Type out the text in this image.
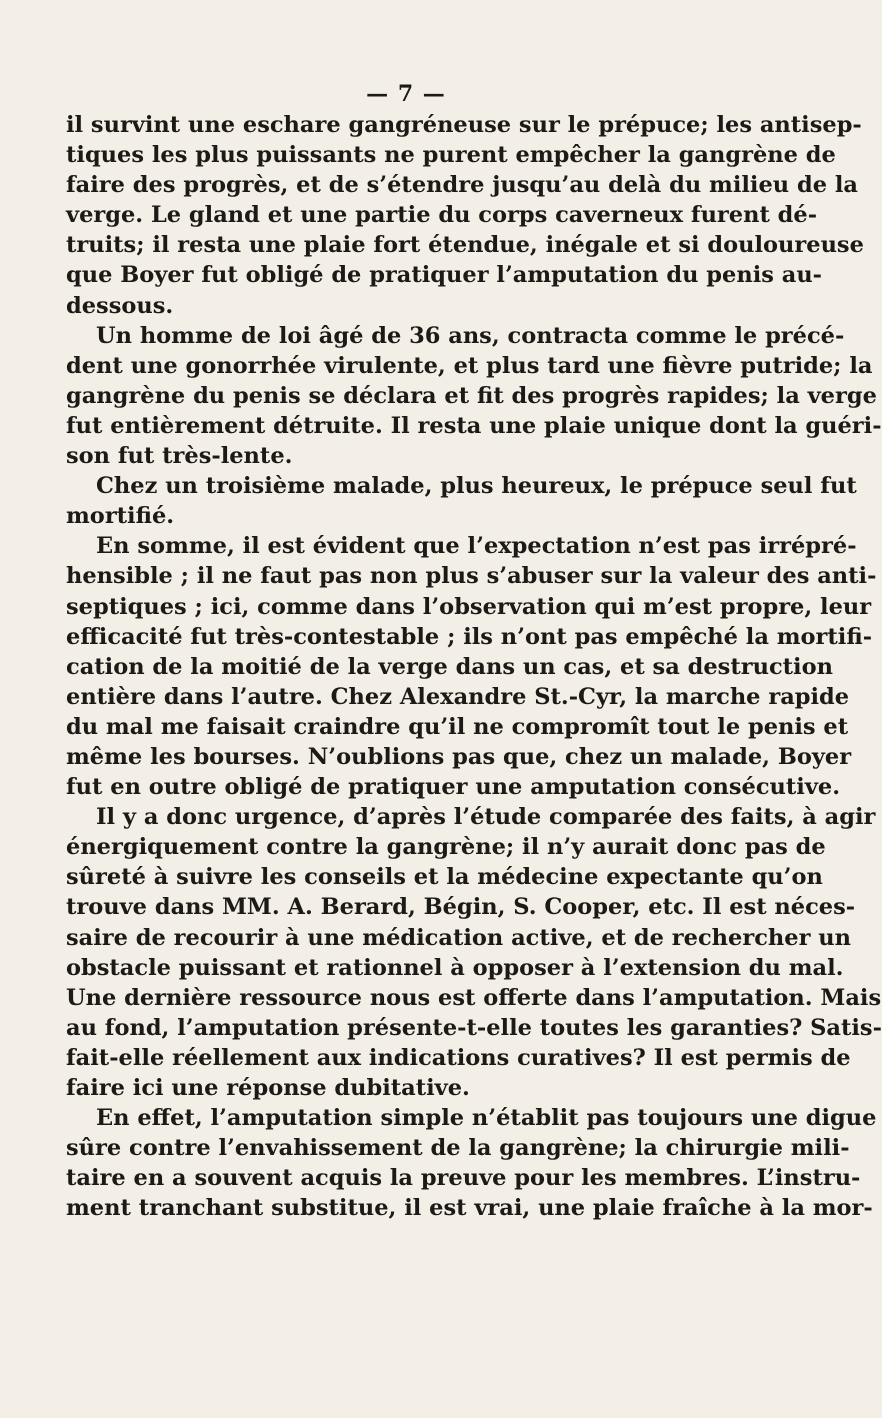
— 7 —
il survint une eschare gangréneuse sur le prépuce; les antisep-
tiques les plus puissants ne purent empêcher la gangrène de
faire des progrès, et de s’étendre jusqu’au delà du milieu de la
verge. Le gland et une partie du corps caverneux furent dé-
truits; il resta une plaie fort étendue, inégale et si douloureuse
que Boyer fut obligé de pratiquer l’amputation du penis au-
dessous.
Un homme de loi âgé de 36 ans, contracta comme le précé-
dent une gonorrhée virulente, et plus tard une fièvre putride; la
gangrène du penis se déclara et fit des progrès rapides; la verge
fut entièrement détruite. Il resta une plaie unique dont la guéri-
son fut très-lente.
Chez un troisième malade, plus heureux, le prépuce seul fut
mortifié.
En somme, il est évident que l’expectation n’est pas irrépré-
hensible ; il ne faut pas non plus s’abuser sur la valeur des anti-
septiques ; ici, comme dans l’observation qui m’est propre, leur
efficacité fut très-contestable ; ils n’ont pas empêché la mortifi-
cation de la moitié de la verge dans un cas, et sa destruction
entière dans l’autre. Chez Alexandre St.-Cyr, la marche rapide
du mal me faisait craindre qu’il ne compromît tout le penis et
même les bourses. N’oublions pas que, chez un malade, Boyer
fut en outre obligé de pratiquer une amputation consécutive.
Il y a donc urgence, d’après l’étude comparée des faits, à agir
énergiquement contre la gangrène; il n’y aurait donc pas de
sûreté à suivre les conseils et la médecine expectante qu’on
trouve dans MM. A. Berard, Bégin, S. Cooper, etc. Il est néces-
saire de recourir à une médication active, et de rechercher un
obstacle puissant et rationnel à opposer à l’extension du mal.
Une dernière ressource nous est offerte dans l’amputation. Mais
au fond, l’amputation présente-t-elle toutes les garanties? Satis-
fait-elle réellement aux indications curatives? Il est permis de
faire ici une réponse dubitative.
En effet, l’amputation simple n’établit pas toujours une digue
sûre contre l’envahissement de la gangrène; la chirurgie mili-
taire en a souvent acquis la preuve pour les membres. L’instru-
ment tranchant substitue, il est vrai, une plaie fraîche à la mor-
